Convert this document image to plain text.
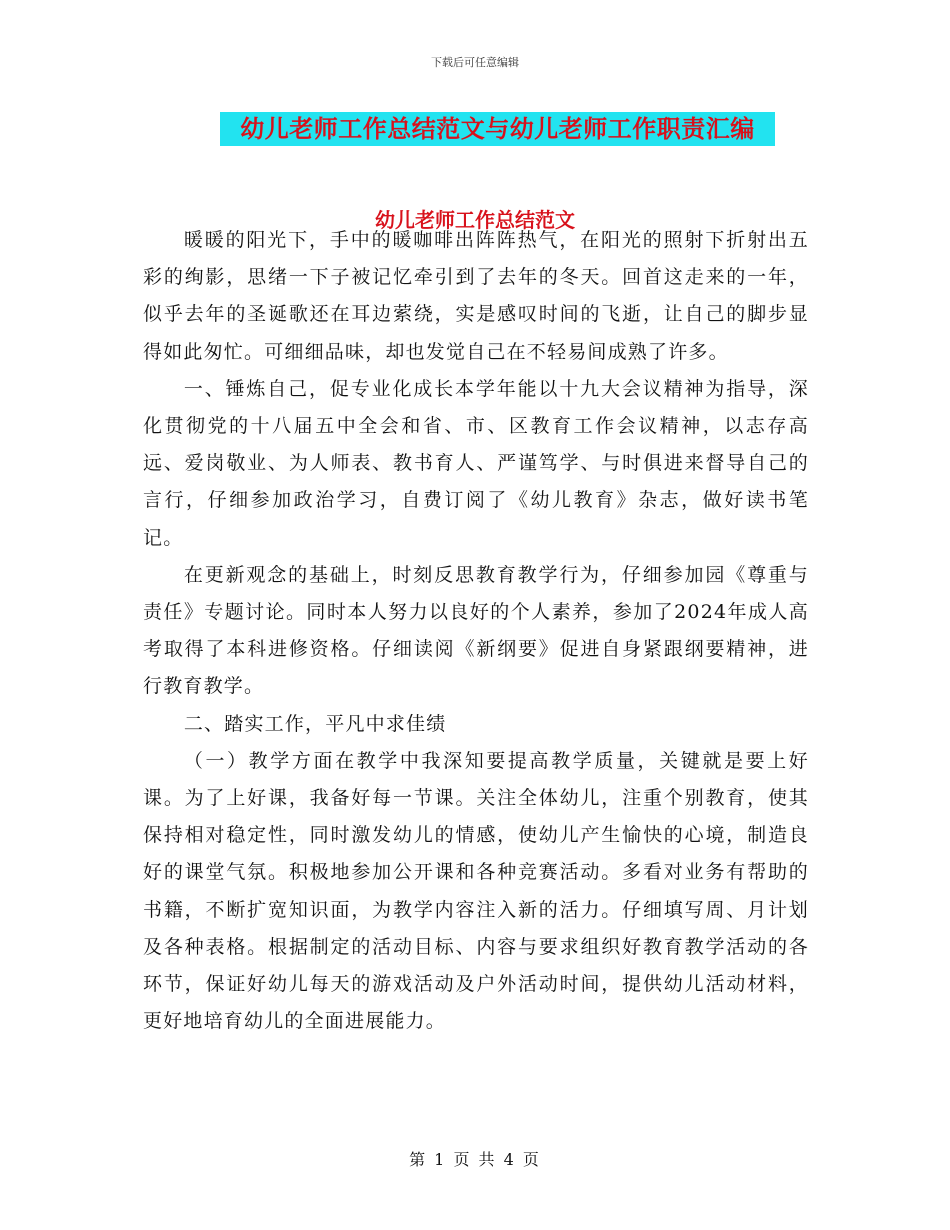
下载后可任意编辑
幼儿老师工作总结范文与幼儿老师工作职责汇编
幼儿老师工作总结范文

暖暖的阳光下，手中的暖咖啡出阵阵热气，在阳光的照射下折射出五彩的绚影，思绪一下子被记忆牵引到了去年的冬天。回首这走来的一年，似乎去年的圣诞歌还在耳边萦绕，实是感叹时间的飞逝，让自己的脚步显得如此匆忙。可细细品味，却也发觉自己在不轻易间成熟了许多。

一、锤炼自己，促专业化成长本学年能以十九大会议精神为指导，深化贯彻党的十八届五中全会和省、市、区教育工作会议精神，以志存高远、爱岗敬业、为人师表、教书育人、严谨笃学、与时俱进来督导自己的言行，仔细参加政治学习，自费订阅了《幼儿教育》杂志，做好读书笔记。

在更新观念的基础上，时刻反思教育教学行为，仔细参加园《尊重与责任》专题讨论。同时本人努力以良好的个人素养，参加了2024年成人高考取得了本科进修资格。仔细读阅《新纲要》促进自身紧跟纲要精神，进行教育教学。

二、踏实工作，平凡中求佳绩

（一）教学方面在教学中我深知要提高教学质量，关键就是要上好课。为了上好课，我备好每一节课。关注全体幼儿，注重个别教育，使其保持相对稳定性，同时激发幼儿的情感，使幼儿产生愉快的心境，制造良好的课堂气氛。积极地参加公开课和各种竞赛活动。多看对业务有帮助的书籍，不断扩宽知识面，为教学内容注入新的活力。仔细填写周、月计划及各种表格。根据制定的活动目标、内容与要求组织好教育教学活动的各环节，保证好幼儿每天的游戏活动及户外活动时间，提供幼儿活动材料，更好地培育幼儿的全面进展能力。

第 1 页 共 4 页
